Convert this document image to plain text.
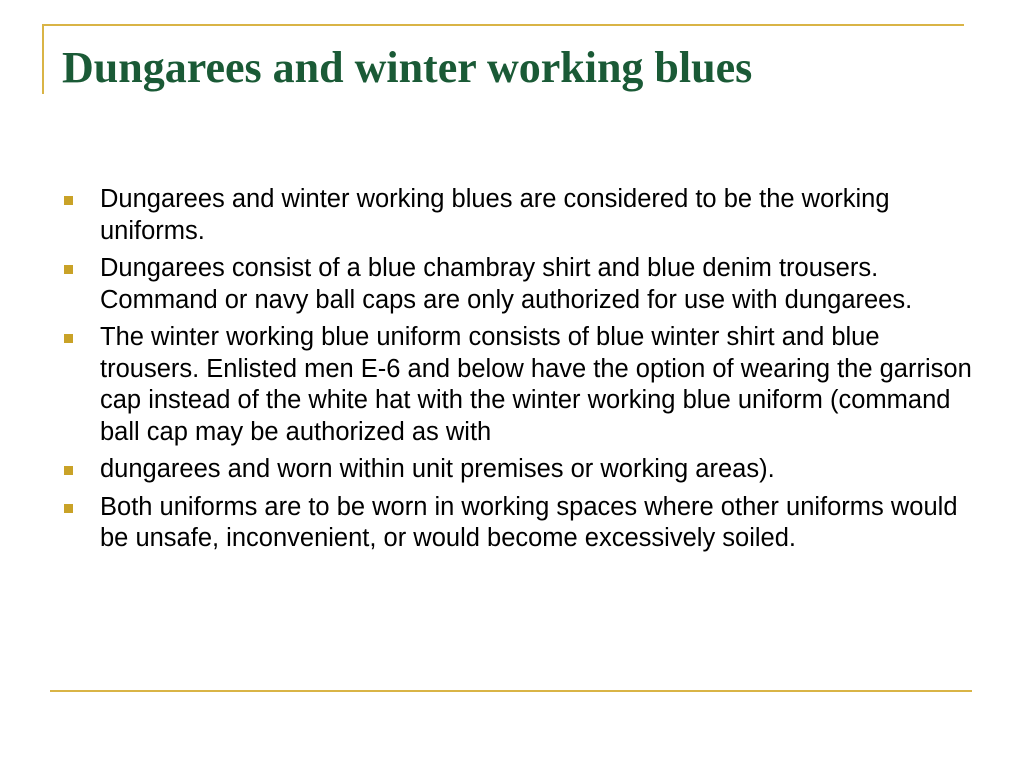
Dungarees and winter working blues
Dungarees and winter working blues are considered to be the working uniforms.
Dungarees consist of a blue chambray shirt and blue denim trousers. Command or navy ball caps are only authorized for use with dungarees.
The winter working blue uniform consists of blue winter shirt and blue trousers. Enlisted men E-6 and below have the option of wearing the garrison cap instead of the white hat with the winter working blue uniform (command ball cap may be authorized as with
dungarees and worn within unit premises or working areas).
Both uniforms are to be worn in working spaces where other uniforms would be unsafe, inconvenient, or would become excessively soiled.
